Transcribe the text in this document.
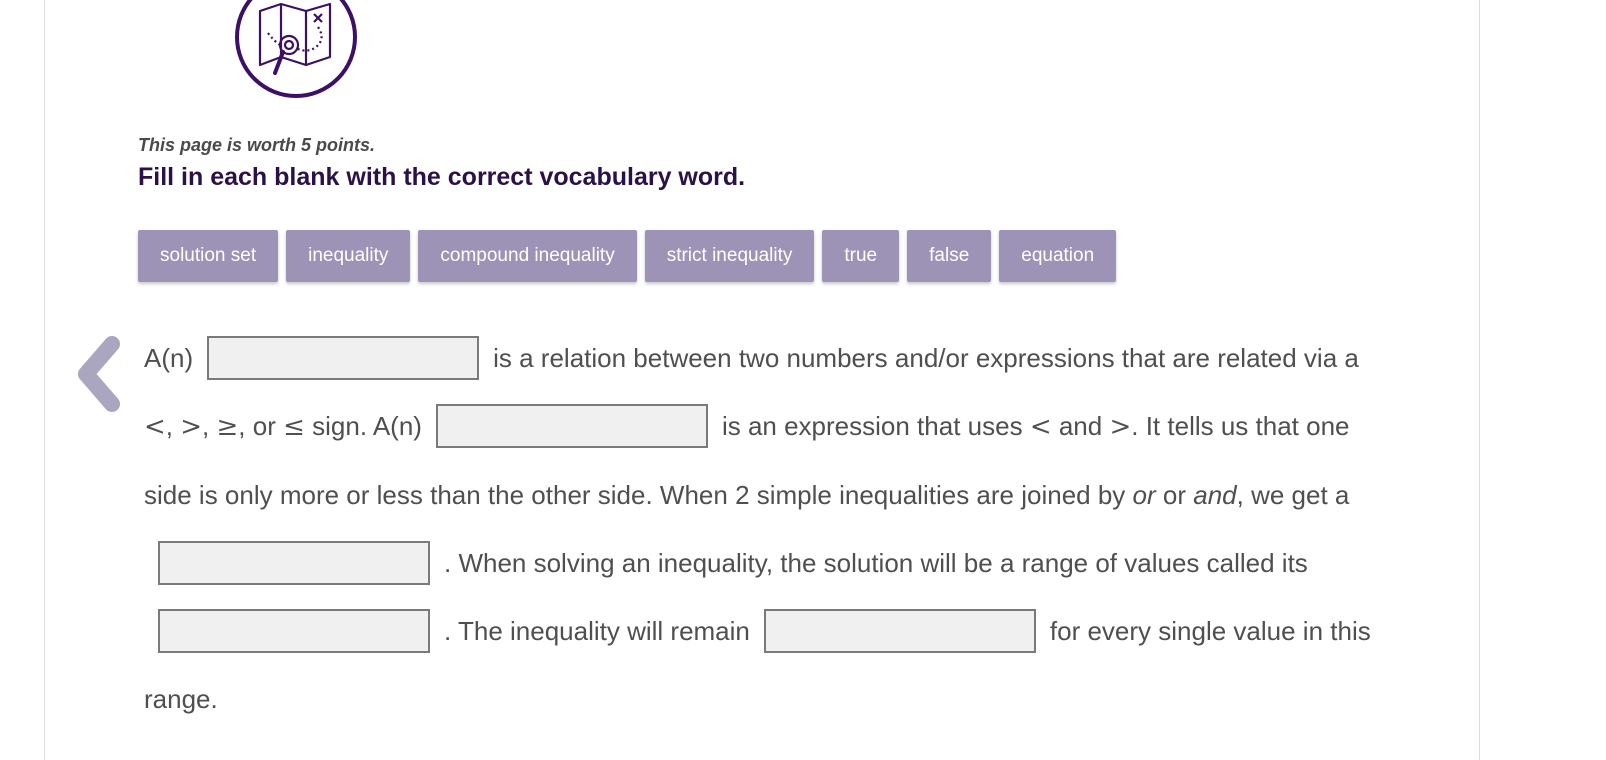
This page is worth 5 points.
Fill in each blank with the correct vocabulary word.
solution set	inequality	compound inequality	strict inequality	true	false	equation
A(n)	is a relation between two numbers and/or expressions that are related via a <, >, ≥, or ≤ sign. A(n)	is an expression that uses < and >. It tells us that one side is only more or less than the other side. When 2 simple inequalities are joined by or or and, we get a. When solving an inequality, the solution will be a range of values called its. The inequality will remain	for every single value in this range.
